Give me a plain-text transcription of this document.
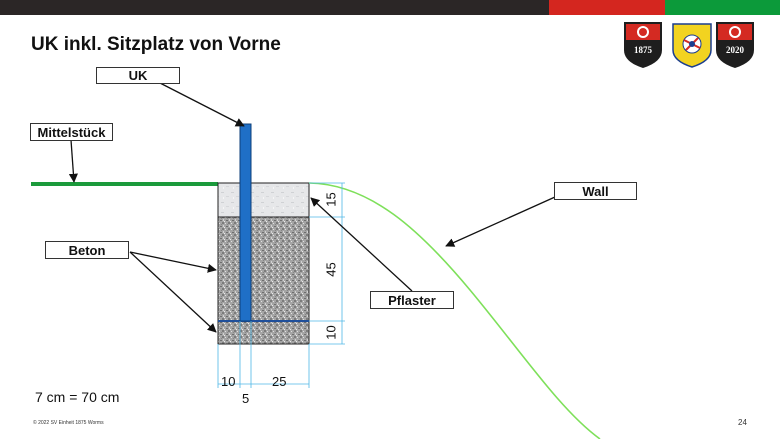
UK inkl. Sitzplatz von Vorne	1875	2020
UK
Mittelstück
Beton
Wall
Pflaster
15
45
10
10	25
5
7 cm = 70 cm
© 2022 SV Einheit 1875 Worms	24
